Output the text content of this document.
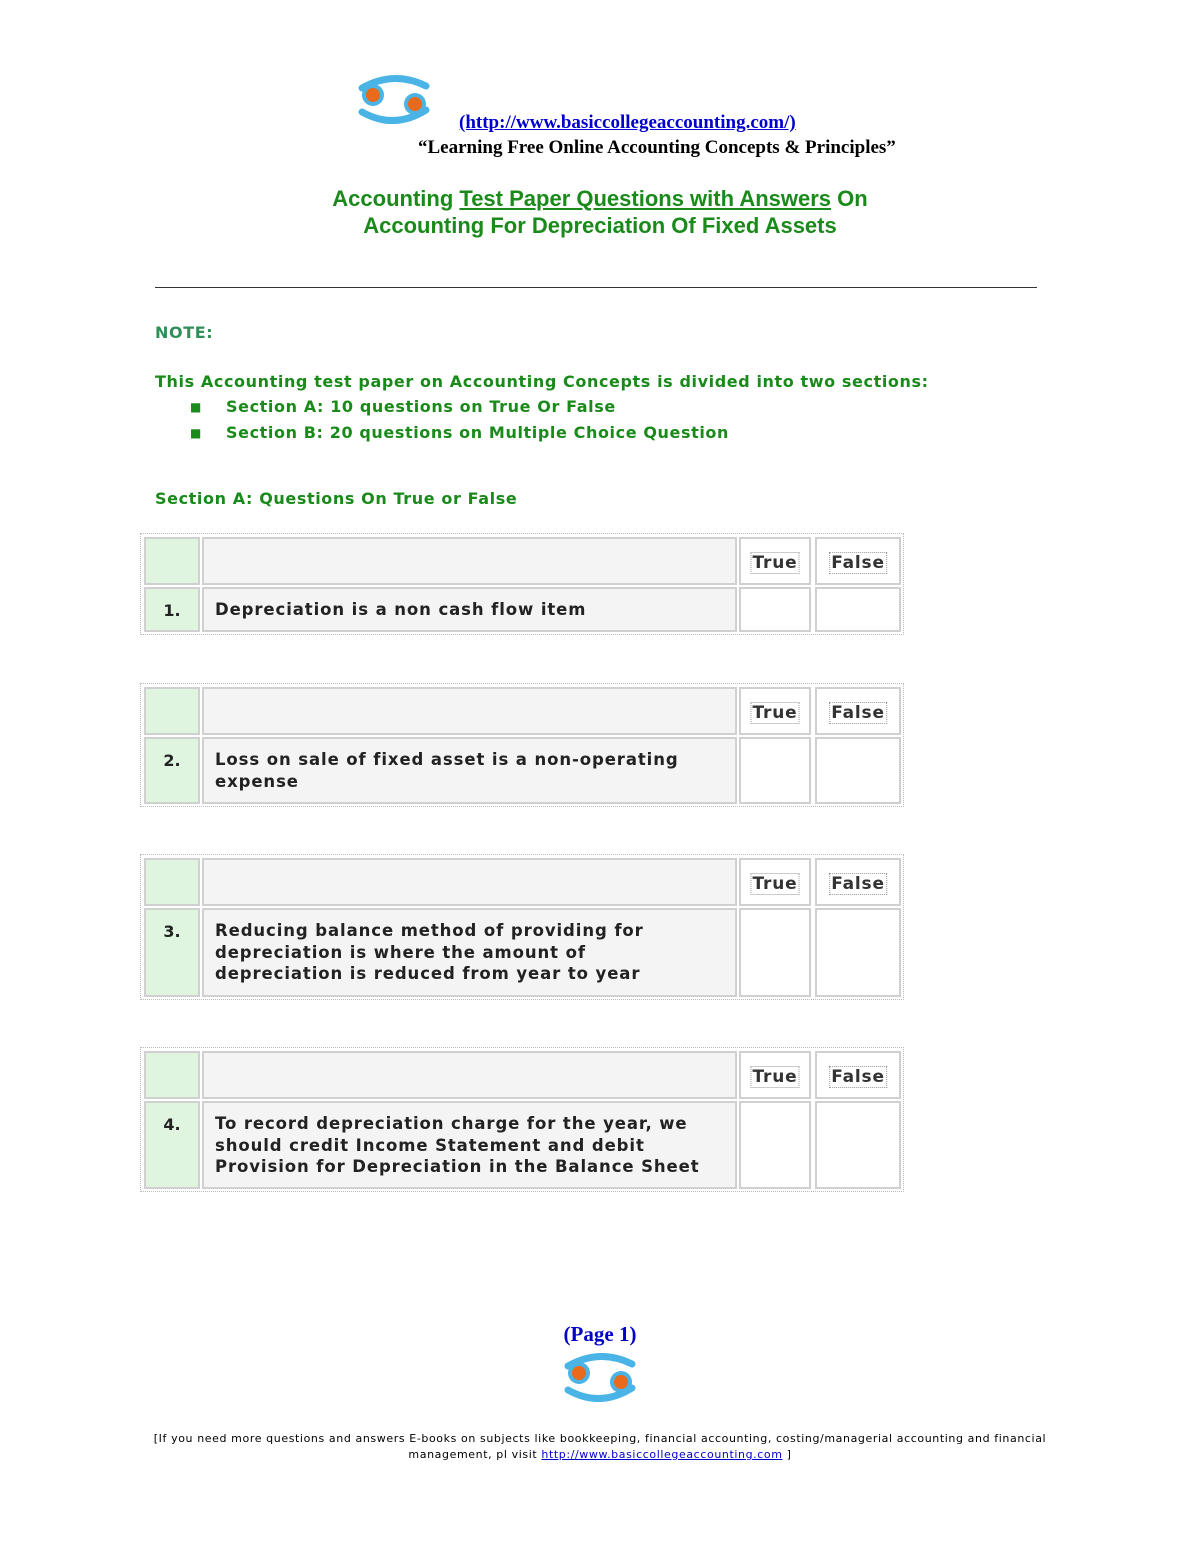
(http://www.basiccollegeaccounting.com/)
“Learning Free Online Accounting Concepts & Principles”
Accounting Test Paper Questions with Answers On
Accounting For Depreciation Of Fixed Assets
NOTE:
This Accounting test paper on Accounting Concepts is divided into two sections:
■ Section A: 10 questions on True Or False
■ Section B: 20 questions on Multiple Choice Question
Section A: Questions On True or False
True False
1.	Depreciation is a non cash flow item
True False
2.	Loss on sale of fixed asset is a non-operating expense
True False
3.	Reducing balance method of providing for depreciation is where the amount of depreciation is reduced from year to year
True False
4.	To record depreciation charge for the year, we should credit Income Statement and debit Provision for Depreciation in the Balance Sheet
(Page 1)
[If you need more questions and answers E-books on subjects like bookkeeping, financial accounting, costing/managerial accounting and financial management, pl visit http://www.basiccollegeaccounting.com ]
